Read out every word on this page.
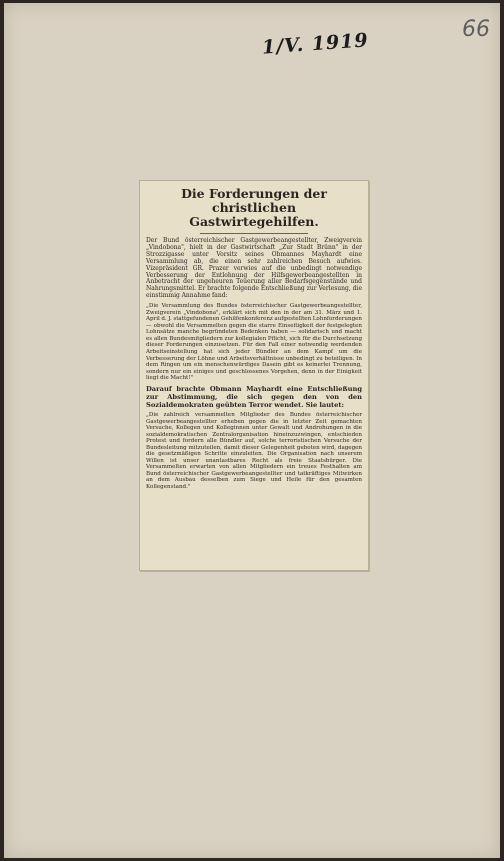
1/V. 1919	66
Die Forderungen der christlichen
Gastwirtegehilfen.
Der Bund österreichischer Gastgewerbeangestellter, Zweigverein „Vindobona", hielt in der Gastwirtschaft „Zur Stadt Brünn" in der Strozzigasse unter Vorsitz seines Obmannes Mayhardt eine Versammlung ab, die einen sehr zahlreichen Besuch aufwies. Vizepräsident GR. Prazer verwies auf die unbedingt notwendige Verbesserung der Entlohnung der Hilfsgewerbeangestellten in Anbetracht der ungeheuren Teuerung aller Bedarfsgegenstände und Nahrungsmittel. Er brachte folgende Entschließung zur Verlesung, die einstimmig Annahme fand:
„Die Versammlung des Bundes österreichischer Gastgewerbeangestellter, Zweigverein „Vindobona", erklärt sich mit den in der am 31. März und 1. April d. J. stattgefundenen Gehilfenkonferenz aufgestellten Lohnforderungen — obwohl die Versammelten gegen die starre Einseitigkeit der festgelegten Lohnsätze manche begründeten Bedenken haben — solidarisch und macht es allen Bundesmitgliedern zur kollegialen Pflicht, sich für die Durchsetzung dieser Forderungen einzusetzen. Für den Fall einer notwendig werdenden Arbeitseinstellung hat sich jeder Bündler an dem Kampf um die Verbesserung der Löhne und Arbeitsverhältnisse unbedingt zu beteiligen. In dem Ringen um ein menschenwürdiges Dasein gibt es keinerlei Trennung, sondern nur ein einiges und geschlossenes Vorgehen, denn in der Einigkeit liegt die Macht!"
Darauf brachte Obmann Mayhardt eine Entschließung zur Abstimmung, die sich gegen den von den Sozialdemokraten geübten Terror wendet. Sie lautet:
„Die zahlreich versammelten Mitglieder des Bundes österreichischer Gastgewerbeangestellter erheben gegen die in letzter Zeit gemachten Versuche, Kollegen und Kolleginnen unter Gewalt und Androhungen in die sozialdemokratischen Zentralorganisation hineinzuzwingen, entschieden Protest und fordern alle Bündler auf, solche terroristischen Versuche der Bundesleitung mitzuteilen, damit dieser Gelegenheit geboten wird, dagegen die gesetzmäßigen Schritte einzuleiten. Die Organisation nach unserem Willen ist unser unantastbares Recht als freie Staatsbürger. Die Versammelten erwarten von allen Mitgliedern ein treues Festhalten am Bund österreichischer Gastgewerbeangestellter und tatkräftiges Mitwirken an dem Ausbau desselben zum Siege und Heile für den gesamten Kollegenstand."
